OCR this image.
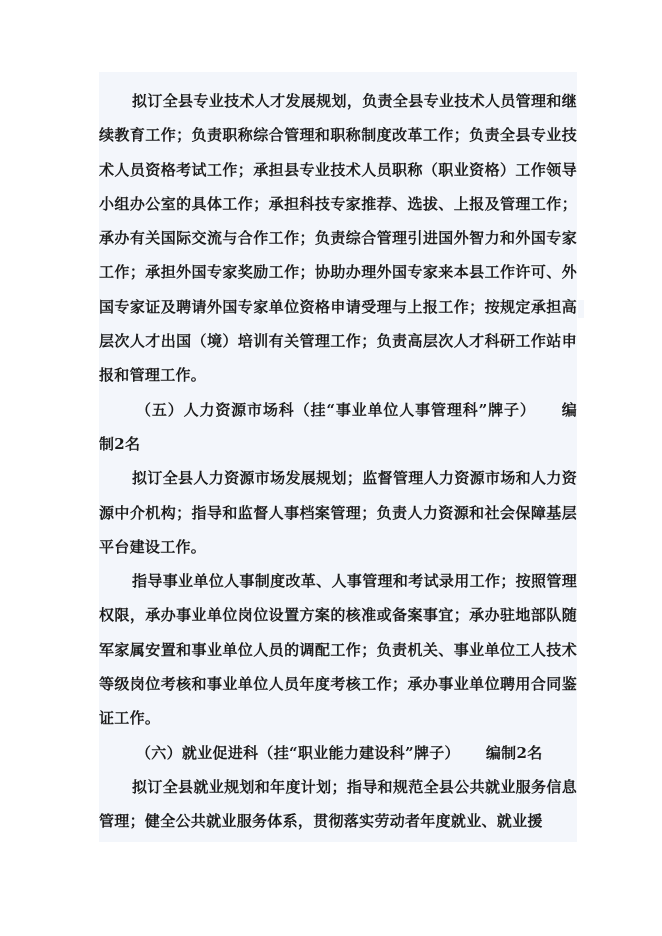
拟订全县专业技术人才发展规划，负责全县专业技术人员管理和继续教育工作；负责职称综合管理和职称制度改革工作；负责全县专业技术人员资格考试工作；承担县专业技术人员职称（职业资格）工作领导小组办公室的具体工作；承担科技专家推荐、选拔、上报及管理工作；承办有关国际交流与合作工作；负责综合管理引进国外智力和外国专家工作；承担外国专家奖励工作；协助办理外国专家来本县工作许可、外国专家证及聘请外国专家单位资格申请受理与上报工作；按规定承担高层次人才出国（境）培训有关管理工作；负责高层次人才科研工作站申报和管理工作。

（五）人力资源市场科（挂“事业单位人事管理科”牌子） 编制2名

拟订全县人力资源市场发展规划；监督管理人力资源市场和人力资源中介机构；指导和监督人事档案管理；负责人力资源和社会保障基层平台建设工作。

指导事业单位人事制度改革、人事管理和考试录用工作；按照管理权限，承办事业单位岗位设置方案的核准或备案事宜；承办驻地部队随军家属安置和事业单位人员的调配工作；负责机关、事业单位工人技术等级岗位考核和事业单位人员年度考核工作；承办事业单位聘用合同鉴证工作。

（六）就业促进科（挂“职业能力建设科”牌子） 编制2名

拟订全县就业规划和年度计划；指导和规范全县公共就业服务信息管理；健全公共就业服务体系，贯彻落实劳动者年度就业、就业援
